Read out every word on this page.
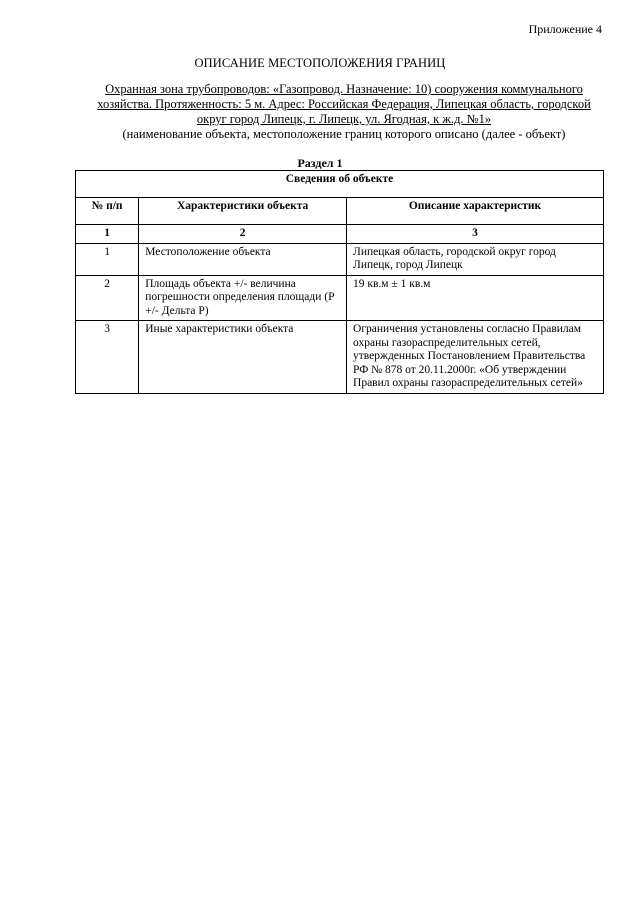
Приложение 4
ОПИСАНИЕ МЕСТОПОЛОЖЕНИЯ ГРАНИЦ
Охранная зона трубопроводов: «Газопровод. Назначение: 10) сооружения коммунального хозяйства. Протяженность: 5 м. Адрес: Российская Федерация, Липецкая область, городской округ город Липецк, г. Липецк, ул. Ягодная, к ж.д. №1»
(наименование объекта, местоположение границ которого описано (далее - объект)
Раздел 1
Сведения об объекте		
№ п/п	Характеристики объекта	Описание характеристик
1	2	3
1	Местоположение объекта	Липецкая область, городской округ город Липецк, город Липецк
2	Площадь объекта +/- величина погрешности определения площади (Р +/- Дельта Р)	19 кв.м ± 1 кв.м
3	Иные характеристики объекта	Ограничения установлены согласно Правилам охраны газораспределительных сетей, утвержденных Постановлением Правительства РФ № 878 от 20.11.2000г. «Об утверждении Правил охраны газораспределительных сетей»
